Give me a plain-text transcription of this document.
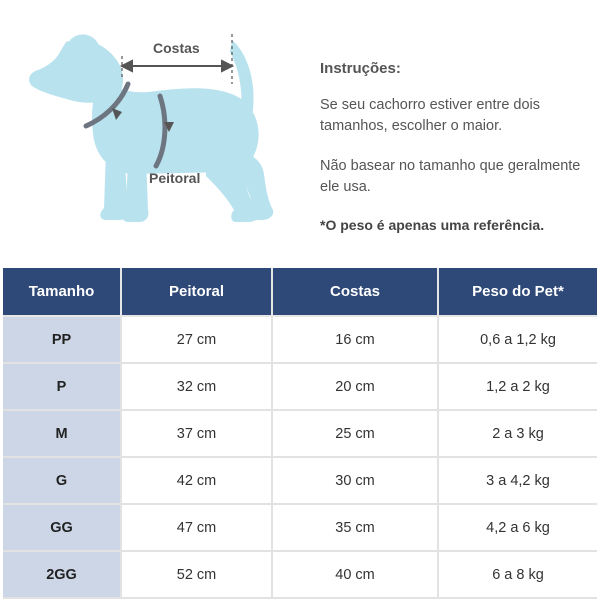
Costas
Peitoral
Instruções:

Se seu cachorro estiver entre dois tamanhos, escolher o maior.

Não basear no tamanho que geralmente ele usa.

*O peso é apenas uma referência.

Tamanho	Peitoral	Costas	Peso do Pet*
PP	27 cm	16 cm	0,6 a 1,2 kg
P	32 cm	20 cm	1,2 a 2 kg
M	37 cm	25 cm	2 a 3 kg
G	42 cm	30 cm	3 a 4,2 kg
GG	47 cm	35 cm	4,2 a 6 kg
2GG	52 cm	40 cm	6 a 8 kg
